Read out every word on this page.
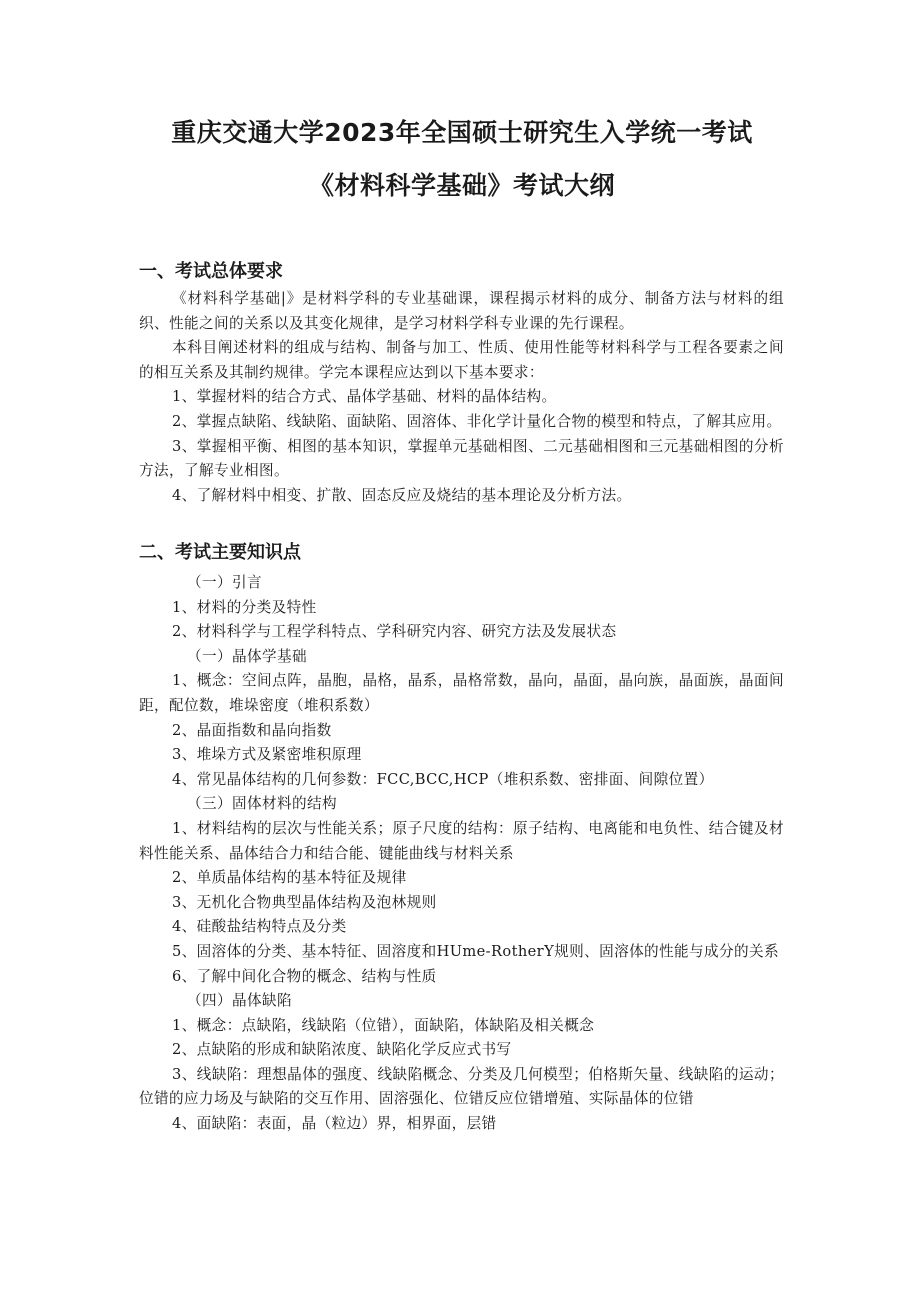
重庆交通大学2023年全国硕士研究生入学统一考试
《材料科学基础》考试大纲
一、考试总体要求

《材料科学基础|》是材料学科的专业基础课，课程揭示材料的成分、制备方法与材料的组织、性能之间的关系以及其变化规律，是学习材料学科专业课的先行课程。

本科目阐述材料的组成与结构、制备与加工、性质、使用性能等材料科学与工程各要素之间的相互关系及其制约规律。学完本课程应达到以下基本要求：

1、掌握材料的结合方式、晶体学基础、材料的晶体结构。

2、掌握点缺陷、线缺陷、面缺陷、固溶体、非化学计量化合物的模型和特点，了解其应用。

3、掌握相平衡、相图的基本知识，掌握单元基础相图、二元基础相图和三元基础相图的分析方法，了解专业相图。

4、了解材料中相变、扩散、固态反应及烧结的基本理论及分析方法。

二、考试主要知识点

（一）引言

1、材料的分类及特性

2、材料科学与工程学科特点、学科研究内容、研究方法及发展状态

（一）晶体学基础

1、概念：空间点阵，晶胞，晶格，晶系，晶格常数，晶向，晶面，晶向族，晶面族，晶面间距，配位数，堆垛密度（堆积系数）

2、晶面指数和晶向指数

3、堆垛方式及紧密堆积原理

4、常见晶体结构的几何参数：FCC,BCC,HCP（堆积系数、密排面、间隙位置）

（三）固体材料的结构

1、材料结构的层次与性能关系；原子尺度的结构：原子结构、电离能和电负性、结合键及材料性能关系、晶体结合力和结合能、键能曲线与材料关系

2、单质晶体结构的基本特征及规律

3、无机化合物典型晶体结构及泡林规则

4、硅酸盐结构特点及分类

5、固溶体的分类、基本特征、固溶度和HUme-RotherY规则、固溶体的性能与成分的关系

6、了解中间化合物的概念、结构与性质

（四）晶体缺陷

1、概念：点缺陷，线缺陷（位错），面缺陷，体缺陷及相关概念

2、点缺陷的形成和缺陷浓度、缺陷化学反应式书写

3、线缺陷：理想晶体的强度、线缺陷概念、分类及几何模型；伯格斯矢量、线缺陷的运动；位错的应力场及与缺陷的交互作用、固溶强化、位错反应位错增殖、实际晶体的位错

4、面缺陷：表面，晶（粒边）界，相界面，层错
